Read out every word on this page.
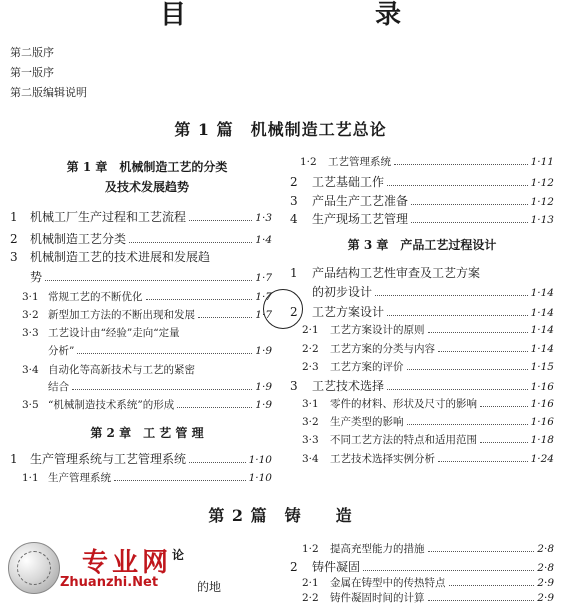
目 录
第二版序
第一版序
第二版编辑说明
第 1 篇　机械制造工艺总论
第 1 章　机械制造工艺的分类
及技术发展趋势
1	机械工厂生产过程和工艺流程	1·3
2	机械制造工艺分类	1·4
3	机械制造工艺的技术进展和发展趋
势	1·7
3·1 常规工艺的不断优化	1·7
3·2 新型加工方法的不断出现和发展	1·7
3·3 工艺设计由“经验”走向“定量
分析”	1·9
3·4 自动化等高新技术与工艺的紧密
结合	1·9
3·5 “机械制造技术系统”的形成	1·9
第 2 章　工 艺 管 理
1	生产管理系统与工艺管理系统	1·10
1·1 生产管理系统	1·10
第 2 篇　铸　　造
论
的地
1·2	工艺管理系统	1·11
2	工艺基础工作	1·12
3	产品生产工艺准备	1·12
4	生产现场工艺管理	1·13
第 3 章　产品工艺过程设计
1	产品结构工艺性审查及工艺方案
的初步设计	1·14
2	工艺方案设计	1·14
2·1	工艺方案设计的原则	1·14
2·2	工艺方案的分类与内容	1·14
2·3	工艺方案的评价	1·15
3	工艺技术选择	1·16
3·1	零件的材料、形状及尺寸的影响	1·16
3·2	生产类型的影响	1·16
3·3	不同工艺方法的特点和适用范围	1·18
3·4	工艺技术选择实例分析	1·24
1·2	提高充型能力的措施	2·8
2	铸件凝固	2·8
2·1	金属在铸型中的传热特点	2·9
2·2	铸件凝固时间的计算	2·9
专业网
Zhuanzhi.Net
